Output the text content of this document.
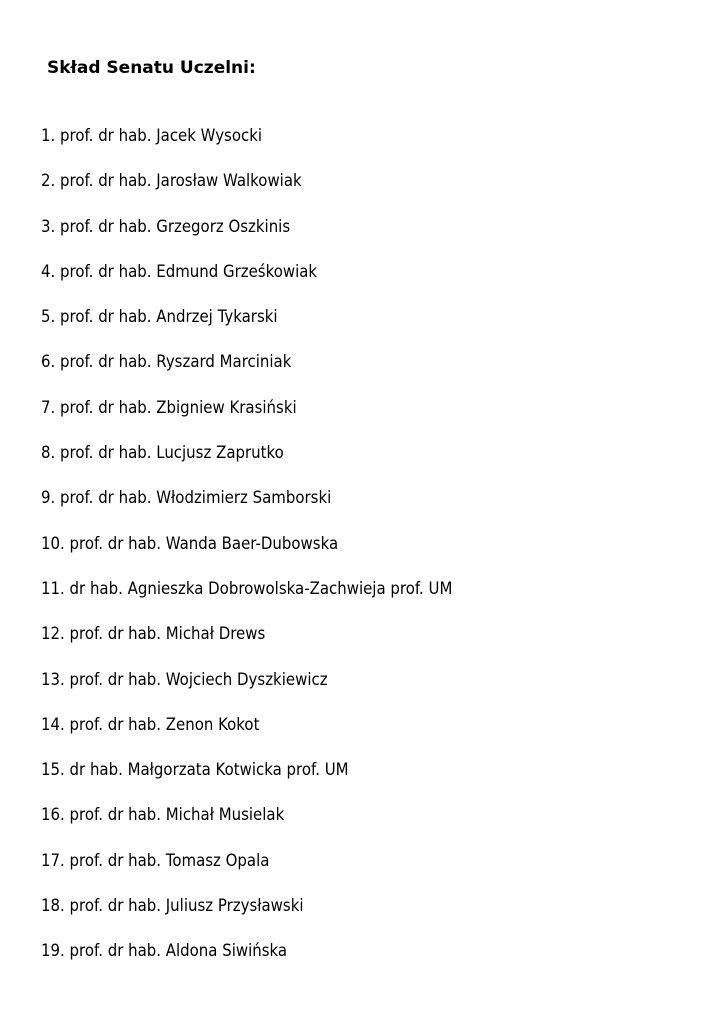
Skład Senatu Uczelni:
1. prof. dr hab. Jacek Wysocki
2. prof. dr hab. Jarosław Walkowiak
3. prof. dr hab. Grzegorz Oszkinis
4. prof. dr hab. Edmund Grześkowiak
5. prof. dr hab. Andrzej Tykarski
6. prof. dr hab. Ryszard Marciniak
7. prof. dr hab. Zbigniew Krasiński
8. prof. dr hab. Lucjusz Zaprutko
9. prof. dr hab. Włodzimierz Samborski
10. prof. dr hab. Wanda Baer-Dubowska
11. dr hab. Agnieszka Dobrowolska-Zachwieja prof. UM
12. prof. dr hab. Michał Drews
13. prof. dr hab. Wojciech Dyszkiewicz
14. prof. dr hab. Zenon Kokot
15. dr hab. Małgorzata Kotwicka prof. UM
16. prof. dr hab. Michał Musielak
17. prof. dr hab. Tomasz Opala
18. prof. dr hab. Juliusz Przysławski
19. prof. dr hab. Aldona Siwińska
